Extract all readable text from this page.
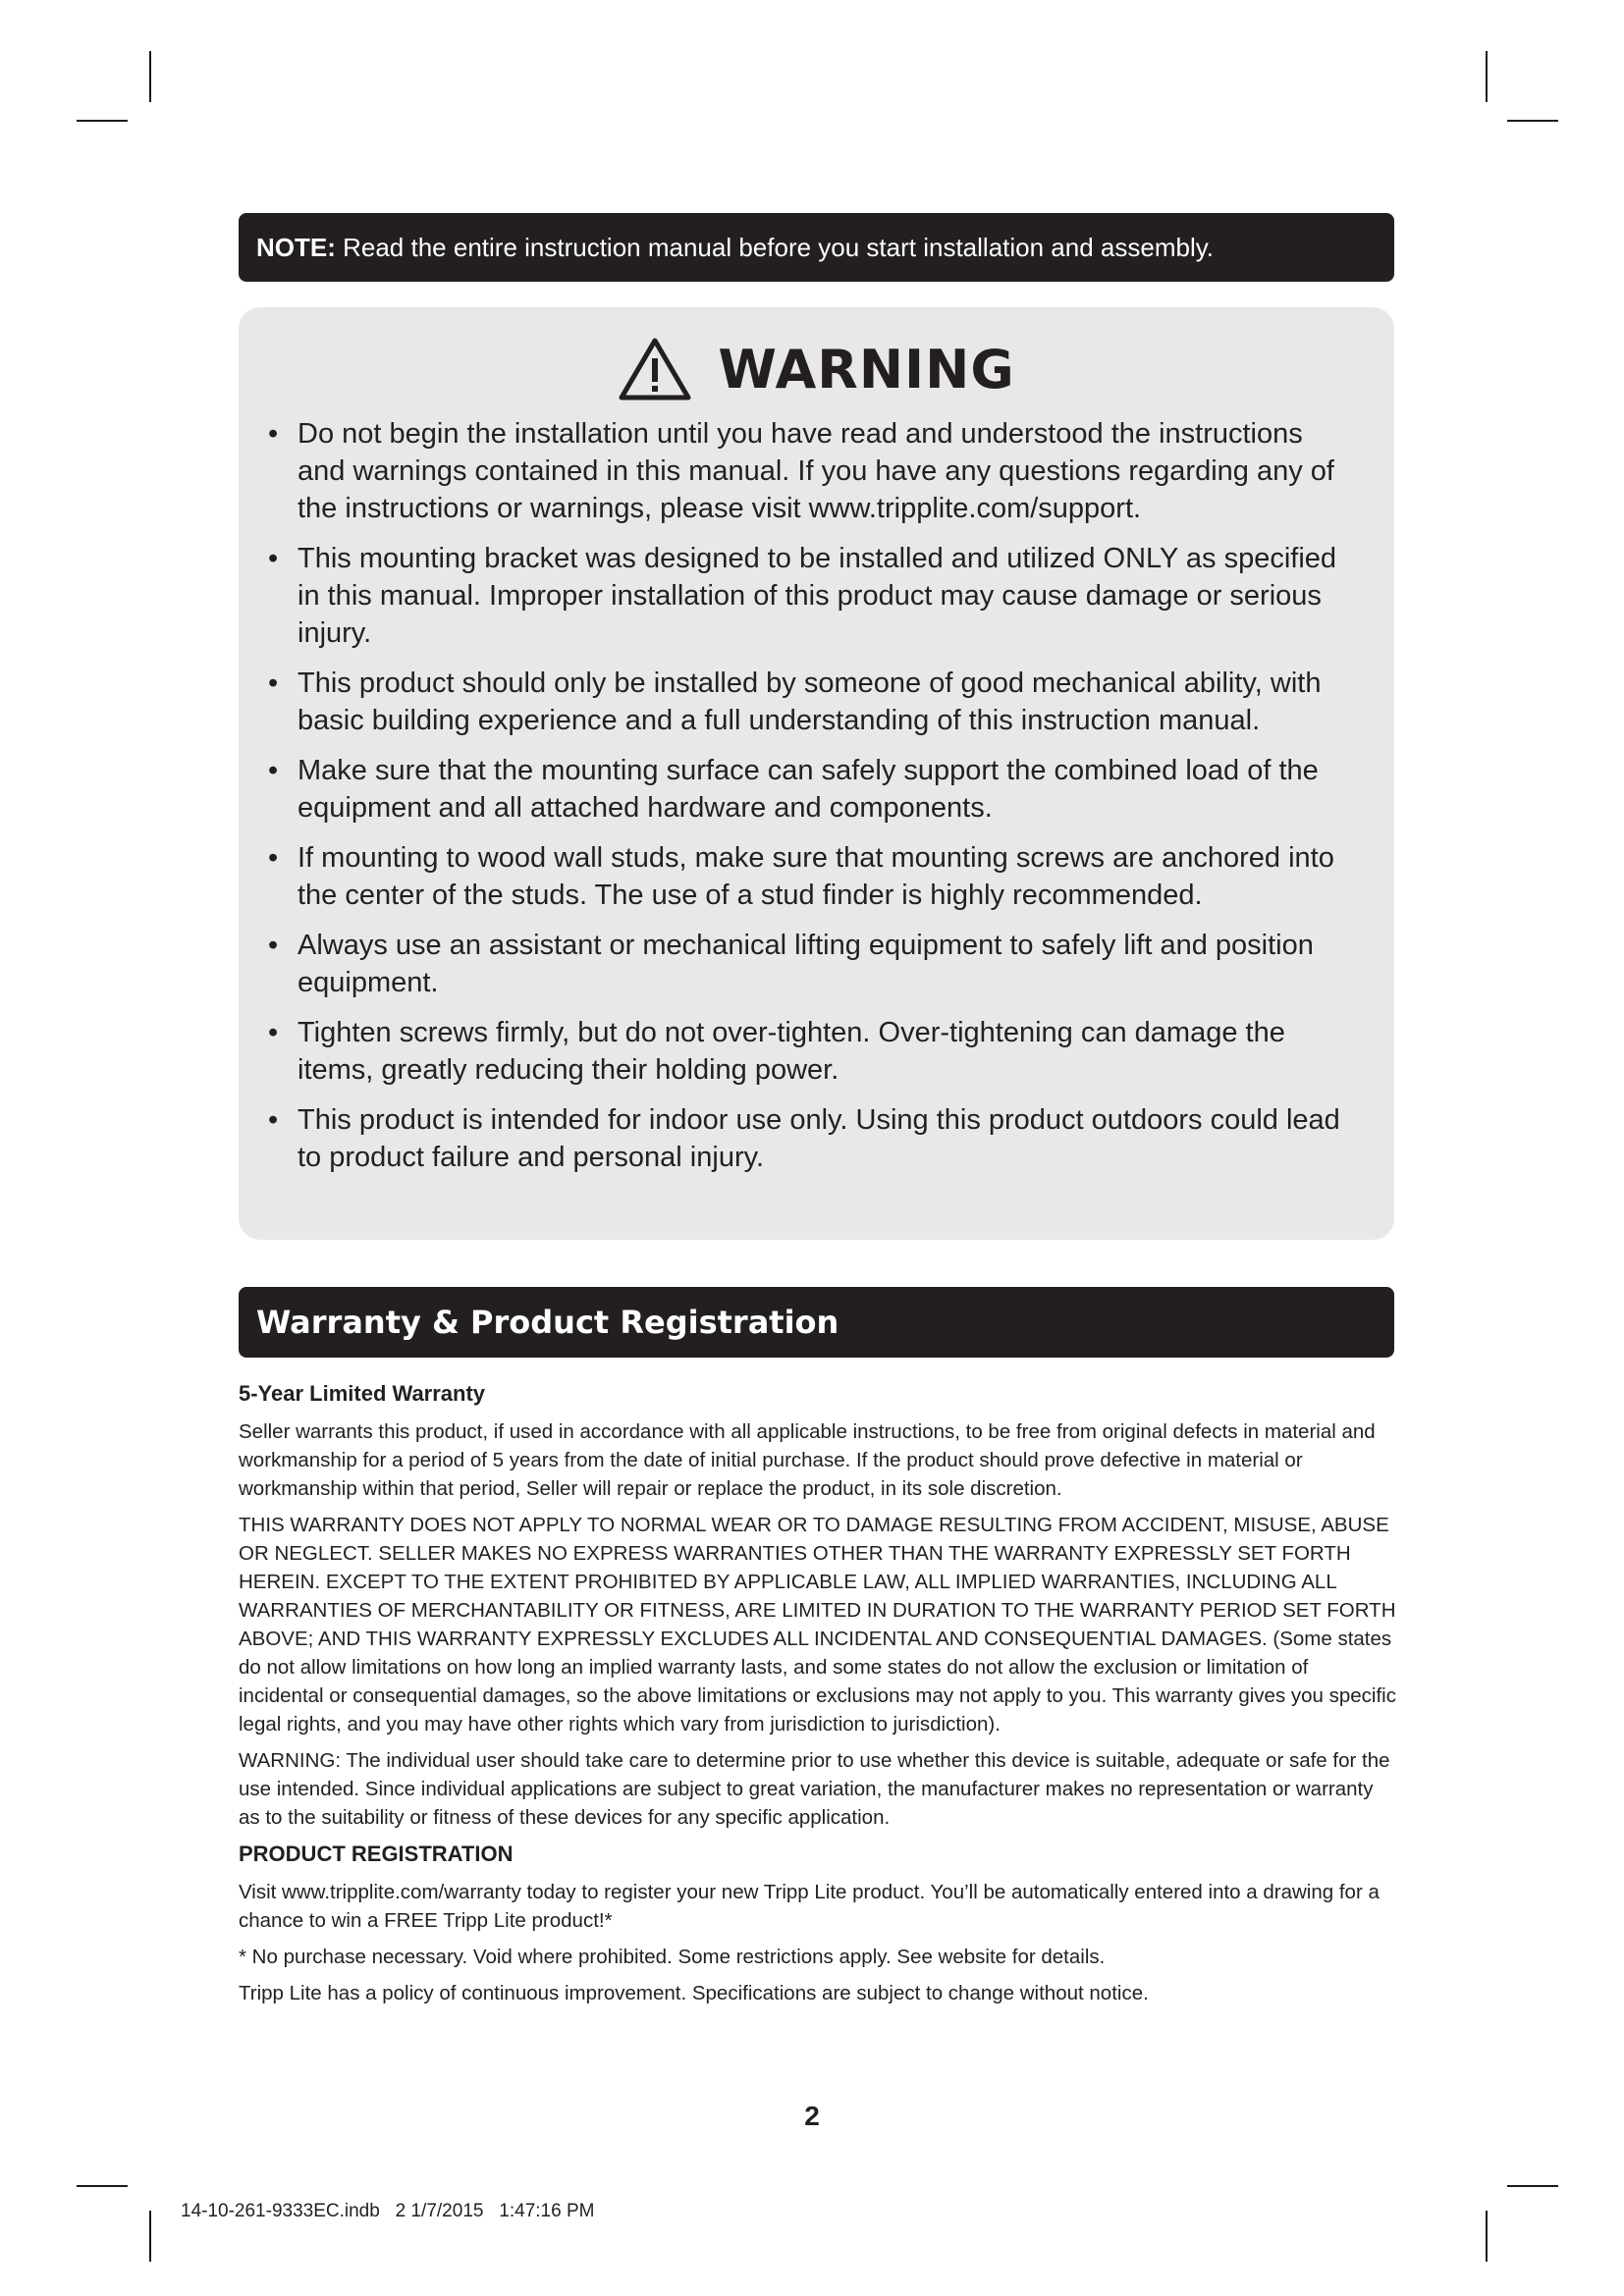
NOTE: Read the entire instruction manual before you start installation and assembly.
WARNING
• Do not begin the installation until you have read and understood the instructions and warnings contained in this manual. If you have any questions regarding any of the instructions or warnings, please visit www.tripplite.com/support.
• This mounting bracket was designed to be installed and utilized ONLY as specified in this manual. Improper installation of this product may cause damage or serious injury.
• This product should only be installed by someone of good mechanical ability, with basic building experience and a full understanding of this instruction manual.
• Make sure that the mounting surface can safely support the combined load of the equipment and all attached hardware and components.
• If mounting to wood wall studs, make sure that mounting screws are anchored into the center of the studs. The use of a stud finder is highly recommended.
• Always use an assistant or mechanical lifting equipment to safely lift and position equipment.
• Tighten screws firmly, but do not over-tighten. Over-tightening can damage the items, greatly reducing their holding power.
• This product is intended for indoor use only. Using this product outdoors could lead to product failure and personal injury.
Warranty & Product Registration

5-Year Limited Warranty

Seller warrants this product, if used in accordance with all applicable instructions, to be free from original defects in material and workmanship for a period of 5 years from the date of initial purchase. If the product should prove defective in material or workmanship within that period, Seller will repair or replace the product, in its sole discretion.

THIS WARRANTY DOES NOT APPLY TO NORMAL WEAR OR TO DAMAGE RESULTING FROM ACCIDENT, MISUSE, ABUSE OR NEGLECT. SELLER MAKES NO EXPRESS WARRANTIES OTHER THAN THE WARRANTY EXPRESSLY SET FORTH HEREIN. EXCEPT TO THE EXTENT PROHIBITED BY APPLICABLE LAW, ALL IMPLIED WARRANTIES, INCLUDING ALL WARRANTIES OF MERCHANTABILITY OR FITNESS, ARE LIMITED IN DURATION TO THE WARRANTY PERIOD SET FORTH ABOVE; AND THIS WARRANTY EXPRESSLY EXCLUDES ALL INCIDENTAL AND CONSEQUENTIAL DAMAGES. (Some states do not allow limitations on how long an implied warranty lasts, and some states do not allow the exclusion or limitation of incidental or consequential damages, so the above limitations or exclusions may not apply to you. This warranty gives you specific legal rights, and you may have other rights which vary from jurisdiction to jurisdiction).

WARNING: The individual user should take care to determine prior to use whether this device is suitable, adequate or safe for the use intended. Since individual applications are subject to great variation, the manufacturer makes no representation or warranty as to the suitability or fitness of these devices for any specific application.

PRODUCT REGISTRATION

Visit www.tripplite.com/warranty today to register your new Tripp Lite product. You’ll be automatically entered into a drawing for a chance to win a FREE Tripp Lite product!*

* No purchase necessary. Void where prohibited. Some restrictions apply. See website for details.

Tripp Lite has a policy of continuous improvement. Specifications are subject to change without notice.

2
14-10-261-9333EC.indb   2 1/7/2015   1:47:16 PM
